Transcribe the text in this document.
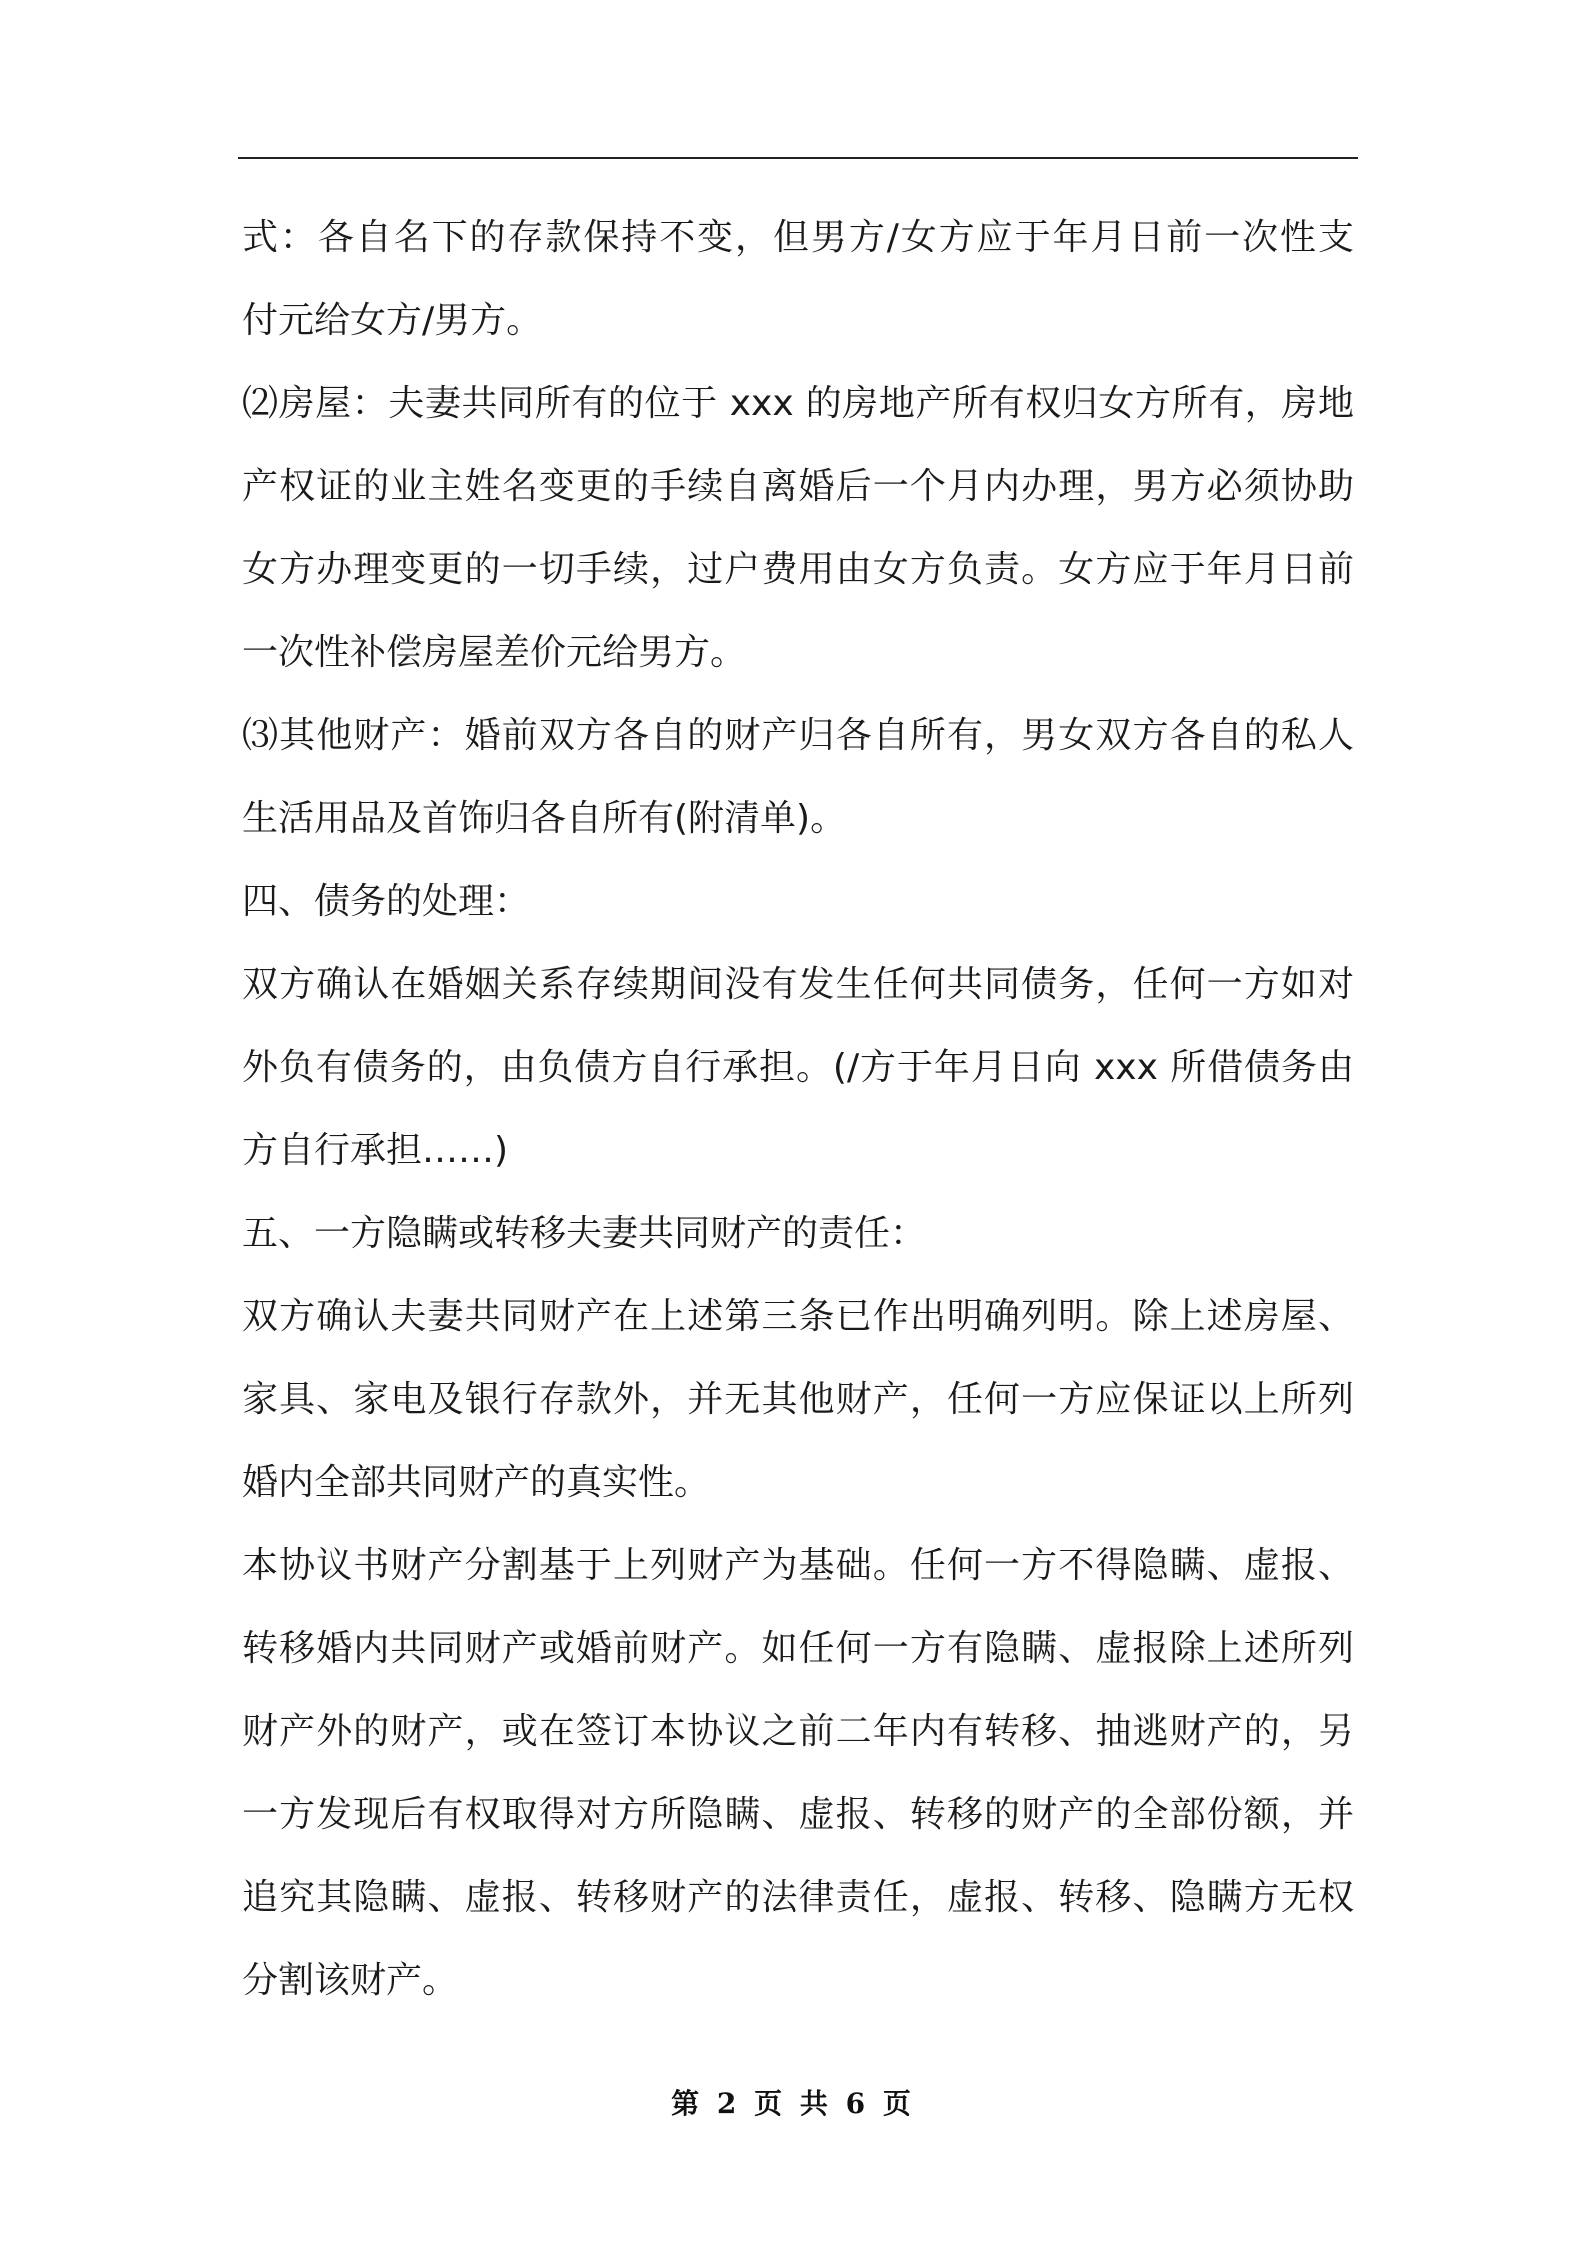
式：各自名下的存款保持不变，但男方/女方应于年月日前一次性支
付元给女方/男方。
⑵房屋：夫妻共同所有的位于 xxx 的房地产所有权归女方所有，房地
产权证的业主姓名变更的手续自离婚后一个月内办理，男方必须协助
女方办理变更的一切手续，过户费用由女方负责。女方应于年月日前
一次性补偿房屋差价元给男方。
⑶其他财产：婚前双方各自的财产归各自所有，男女双方各自的私人
生活用品及首饰归各自所有(附清单)。
四、债务的处理：
双方确认在婚姻关系存续期间没有发生任何共同债务，任何一方如对
外负有债务的，由负债方自行承担。(/方于年月日向 xxx 所借债务由
方自行承担……)
五、一方隐瞒或转移夫妻共同财产的责任：
双方确认夫妻共同财产在上述第三条已作出明确列明。除上述房屋、
家具、家电及银行存款外，并无其他财产，任何一方应保证以上所列
婚内全部共同财产的真实性。
本协议书财产分割基于上列财产为基础。任何一方不得隐瞒、虚报、
转移婚内共同财产或婚前财产。如任何一方有隐瞒、虚报除上述所列
财产外的财产，或在签订本协议之前二年内有转移、抽逃财产的，另
一方发现后有权取得对方所隐瞒、虚报、转移的财产的全部份额，并
追究其隐瞒、虚报、转移财产的法律责任，虚报、转移、隐瞒方无权
分割该财产。
第 2 页 共 6 页
